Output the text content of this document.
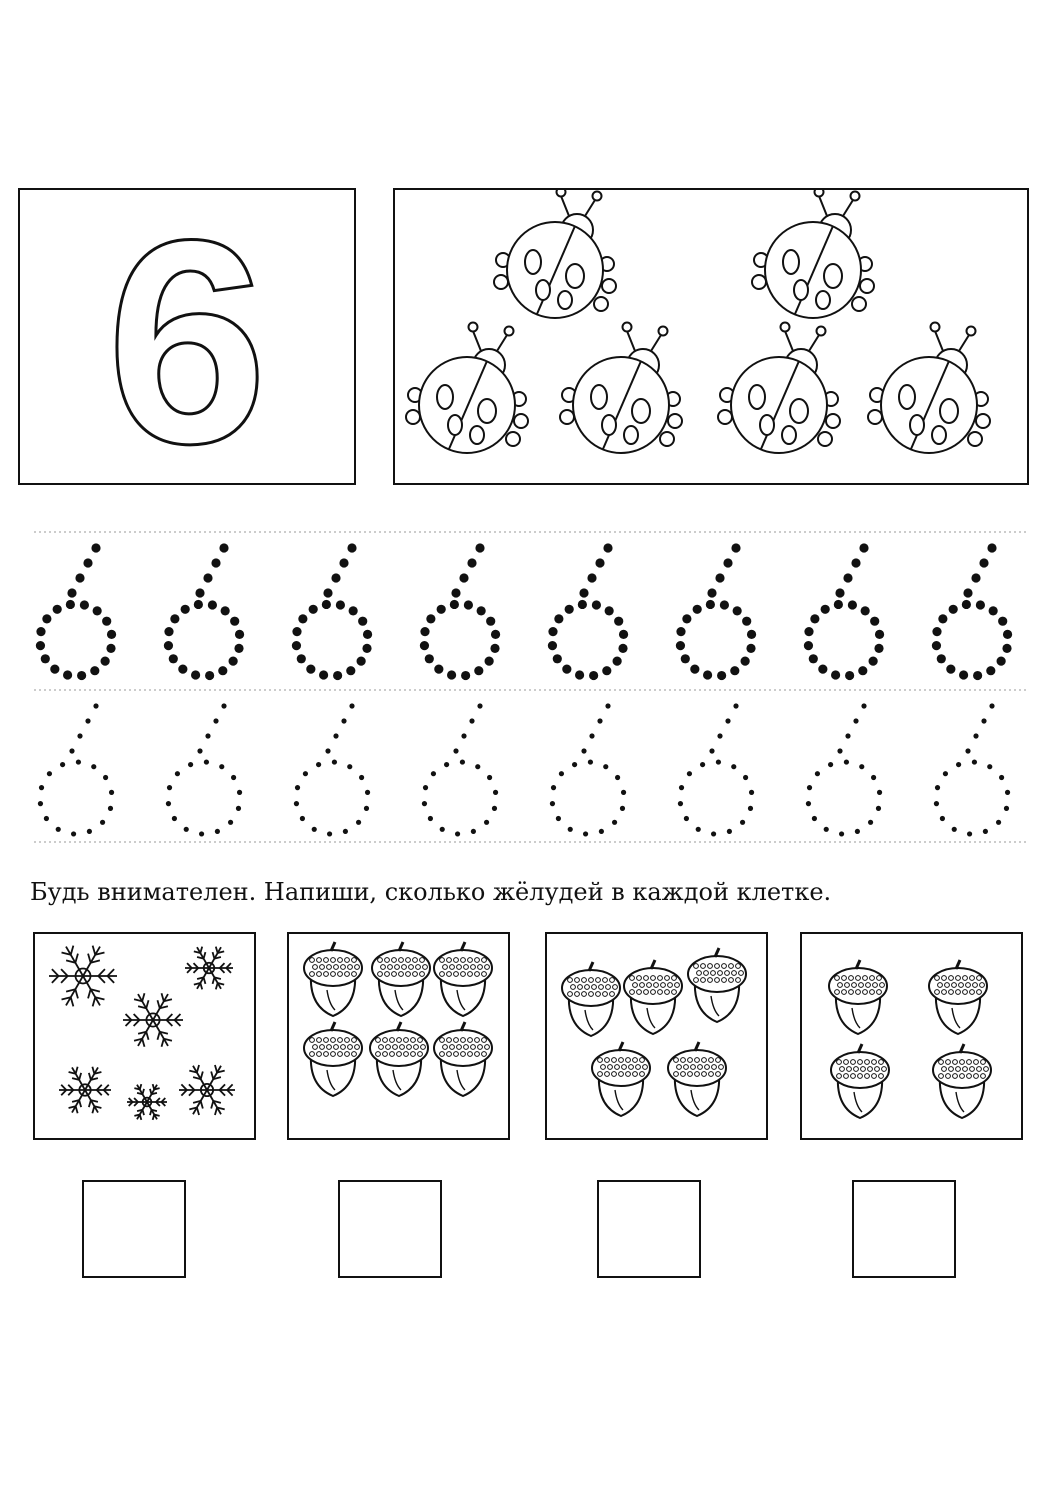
6
Будь внимателен. Напиши, сколько жёлудей в каждой клетке.
